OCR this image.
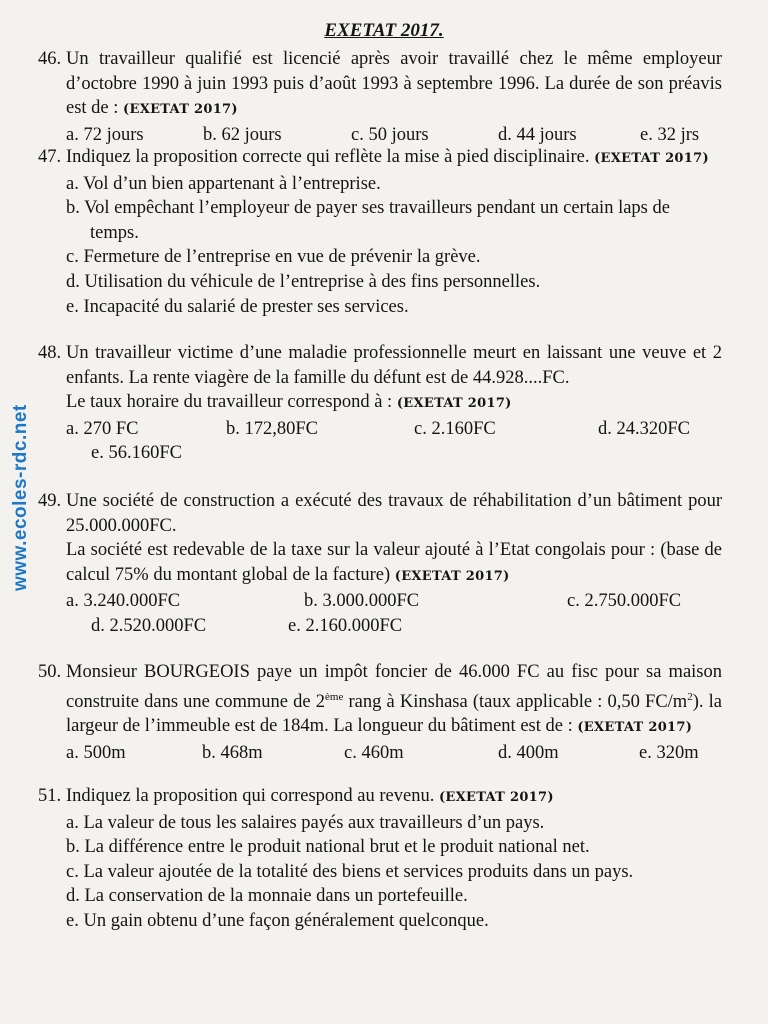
EXETAT 2017.
www.ecoles-rdc.net
46. Un travailleur qualifié est licencié après avoir travaillé chez le même employeur d’octobre 1990 à juin 1993 puis d’août 1993 à septembre 1996. La durée de son préavis est de : (EXETAT 2017)
a. 72 jours	b. 62 jours	c. 50 jours	d. 44 jours	e. 32 jrs
47. Indiquez la proposition correcte qui reflète la mise à pied disciplinaire. (EXETAT 2017)
a. Vol d’un bien appartenant à l’entreprise.
b. Vol empêchant l’employeur de payer ses travailleurs pendant un certain laps de temps.
c. Fermeture de l’entreprise en vue de prévenir la grève.
d. Utilisation du véhicule de l’entreprise à des fins personnelles.
e. Incapacité du salarié de prester ses services.
48. Un travailleur victime d’une maladie professionnelle meurt en laissant une veuve et 2 enfants. La rente viagère de la famille du défunt est de 44.928....FC.
Le taux horaire du travailleur correspond à : (EXETAT 2017)
a. 270 FC	b. 172,80FC	c. 2.160FC	d. 24.320FC
e. 56.160FC
49. Une société de construction a exécuté des travaux de réhabilitation d’un bâtiment pour 25.000.000FC.
La société est redevable de la taxe sur la valeur ajouté à l’Etat congolais pour : (base de calcul 75% du montant global de la facture) (EXETAT 2017)
a. 3.240.000FC	b. 3.000.000FC	c. 2.750.000FC
d. 2.520.000FC	e. 2.160.000FC
50. Monsieur BOURGEOIS paye un impôt foncier de 46.000 FC au fisc pour sa maison construite dans une commune de 2ème rang à Kinshasa (taux applicable : 0,50 $FC/m^2$). la largeur de l’immeuble est de 184m. La longueur du bâtiment est de : (EXETAT 2017)
a. 500m	b. 468m	c. 460m	d. 400m	e. 320m
51. Indiquez la proposition qui correspond au revenu. (EXETAT 2017)
a. La valeur de tous les salaires payés aux travailleurs d’un pays.
b. La différence entre le produit national brut et le produit national net.
c. La valeur ajoutée de la totalité des biens et services produits dans un pays.
d. La conservation de la monnaie dans un portefeuille.
e. Un gain obtenu d’une façon généralement quelconque.
